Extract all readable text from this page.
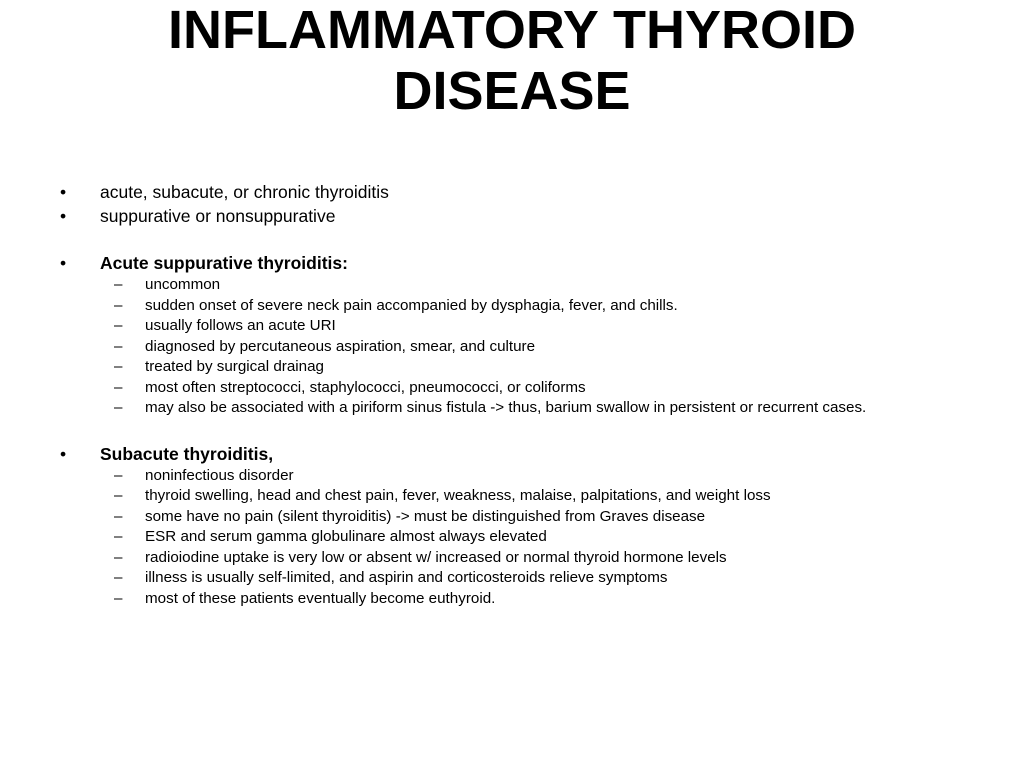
INFLAMMATORY THYROID
DISEASE
• acute, subacute, or chronic thyroiditis
• suppurative or nonsuppurative
• Acute suppurative thyroiditis:
– uncommon
– sudden onset of severe neck pain accompanied by dysphagia, fever, and chills.
– usually follows an acute URI
– diagnosed by percutaneous aspiration, smear, and culture
– treated by surgical drainag
– most often streptococci, staphylococci, pneumococci, or coliforms
– may also be associated with a piriform sinus fistula -> thus, barium swallow in persistent or recurrent cases.
• Subacute thyroiditis,
– noninfectious disorder
– thyroid swelling, head and chest pain, fever, weakness, malaise, palpitations, and weight loss
– some have no pain (silent thyroiditis) -> must be distinguished from Graves disease
– ESR and serum gamma globulinare almost always elevated
– radioiodine uptake is very low or absent w/ increased or normal thyroid hormone levels
– illness is usually self-limited, and aspirin and corticosteroids relieve symptoms
– most of these patients eventually become euthyroid.
